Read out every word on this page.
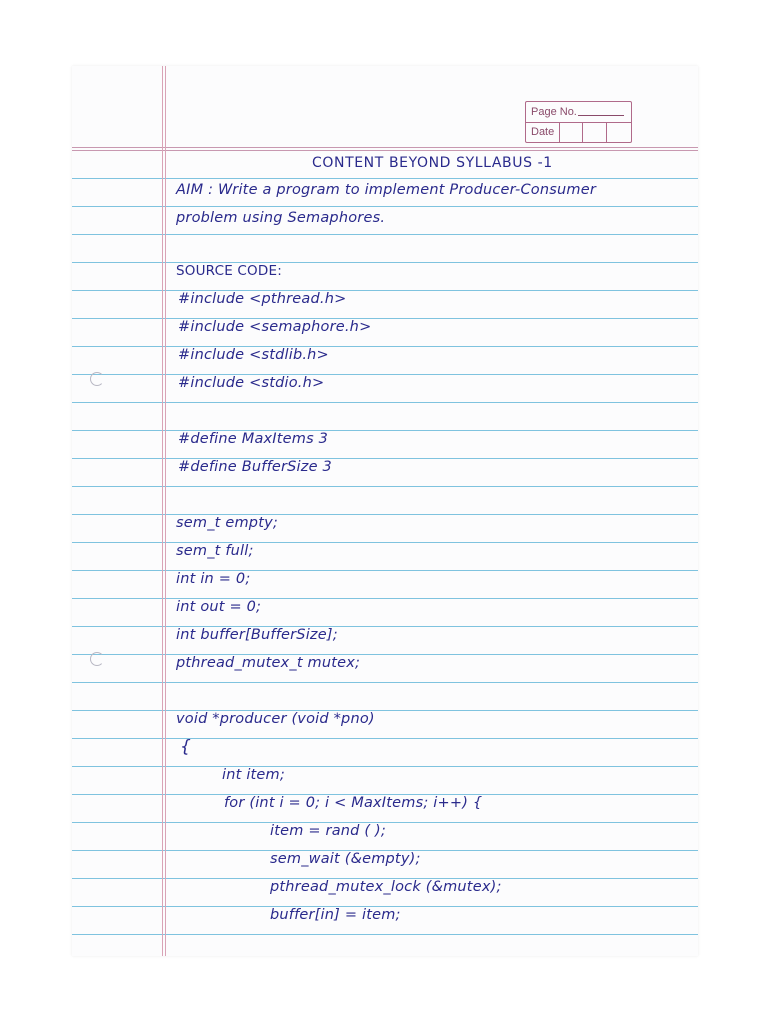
Page No.
Date
CONTENT BEYOND SYLLABUS -1
AIM : Write a program to implement Producer-Consumer
problem using Semaphores.
SOURCE CODE:
#include <pthread.h>
#include <semaphore.h>
#include <stdlib.h>
#include <stdio.h>
#define MaxItems 3
#define BufferSize 3
sem_t empty;
sem_t full;
int in = 0;
int out = 0;
int buffer[BufferSize];
pthread_mutex_t mutex;
void *producer (void *pno)
{
int item;
for (int i = 0; i < MaxItems; i++) {
item = rand ( );
sem_wait (&empty);
pthread_mutex_lock (&mutex);
buffer[in] = item;
